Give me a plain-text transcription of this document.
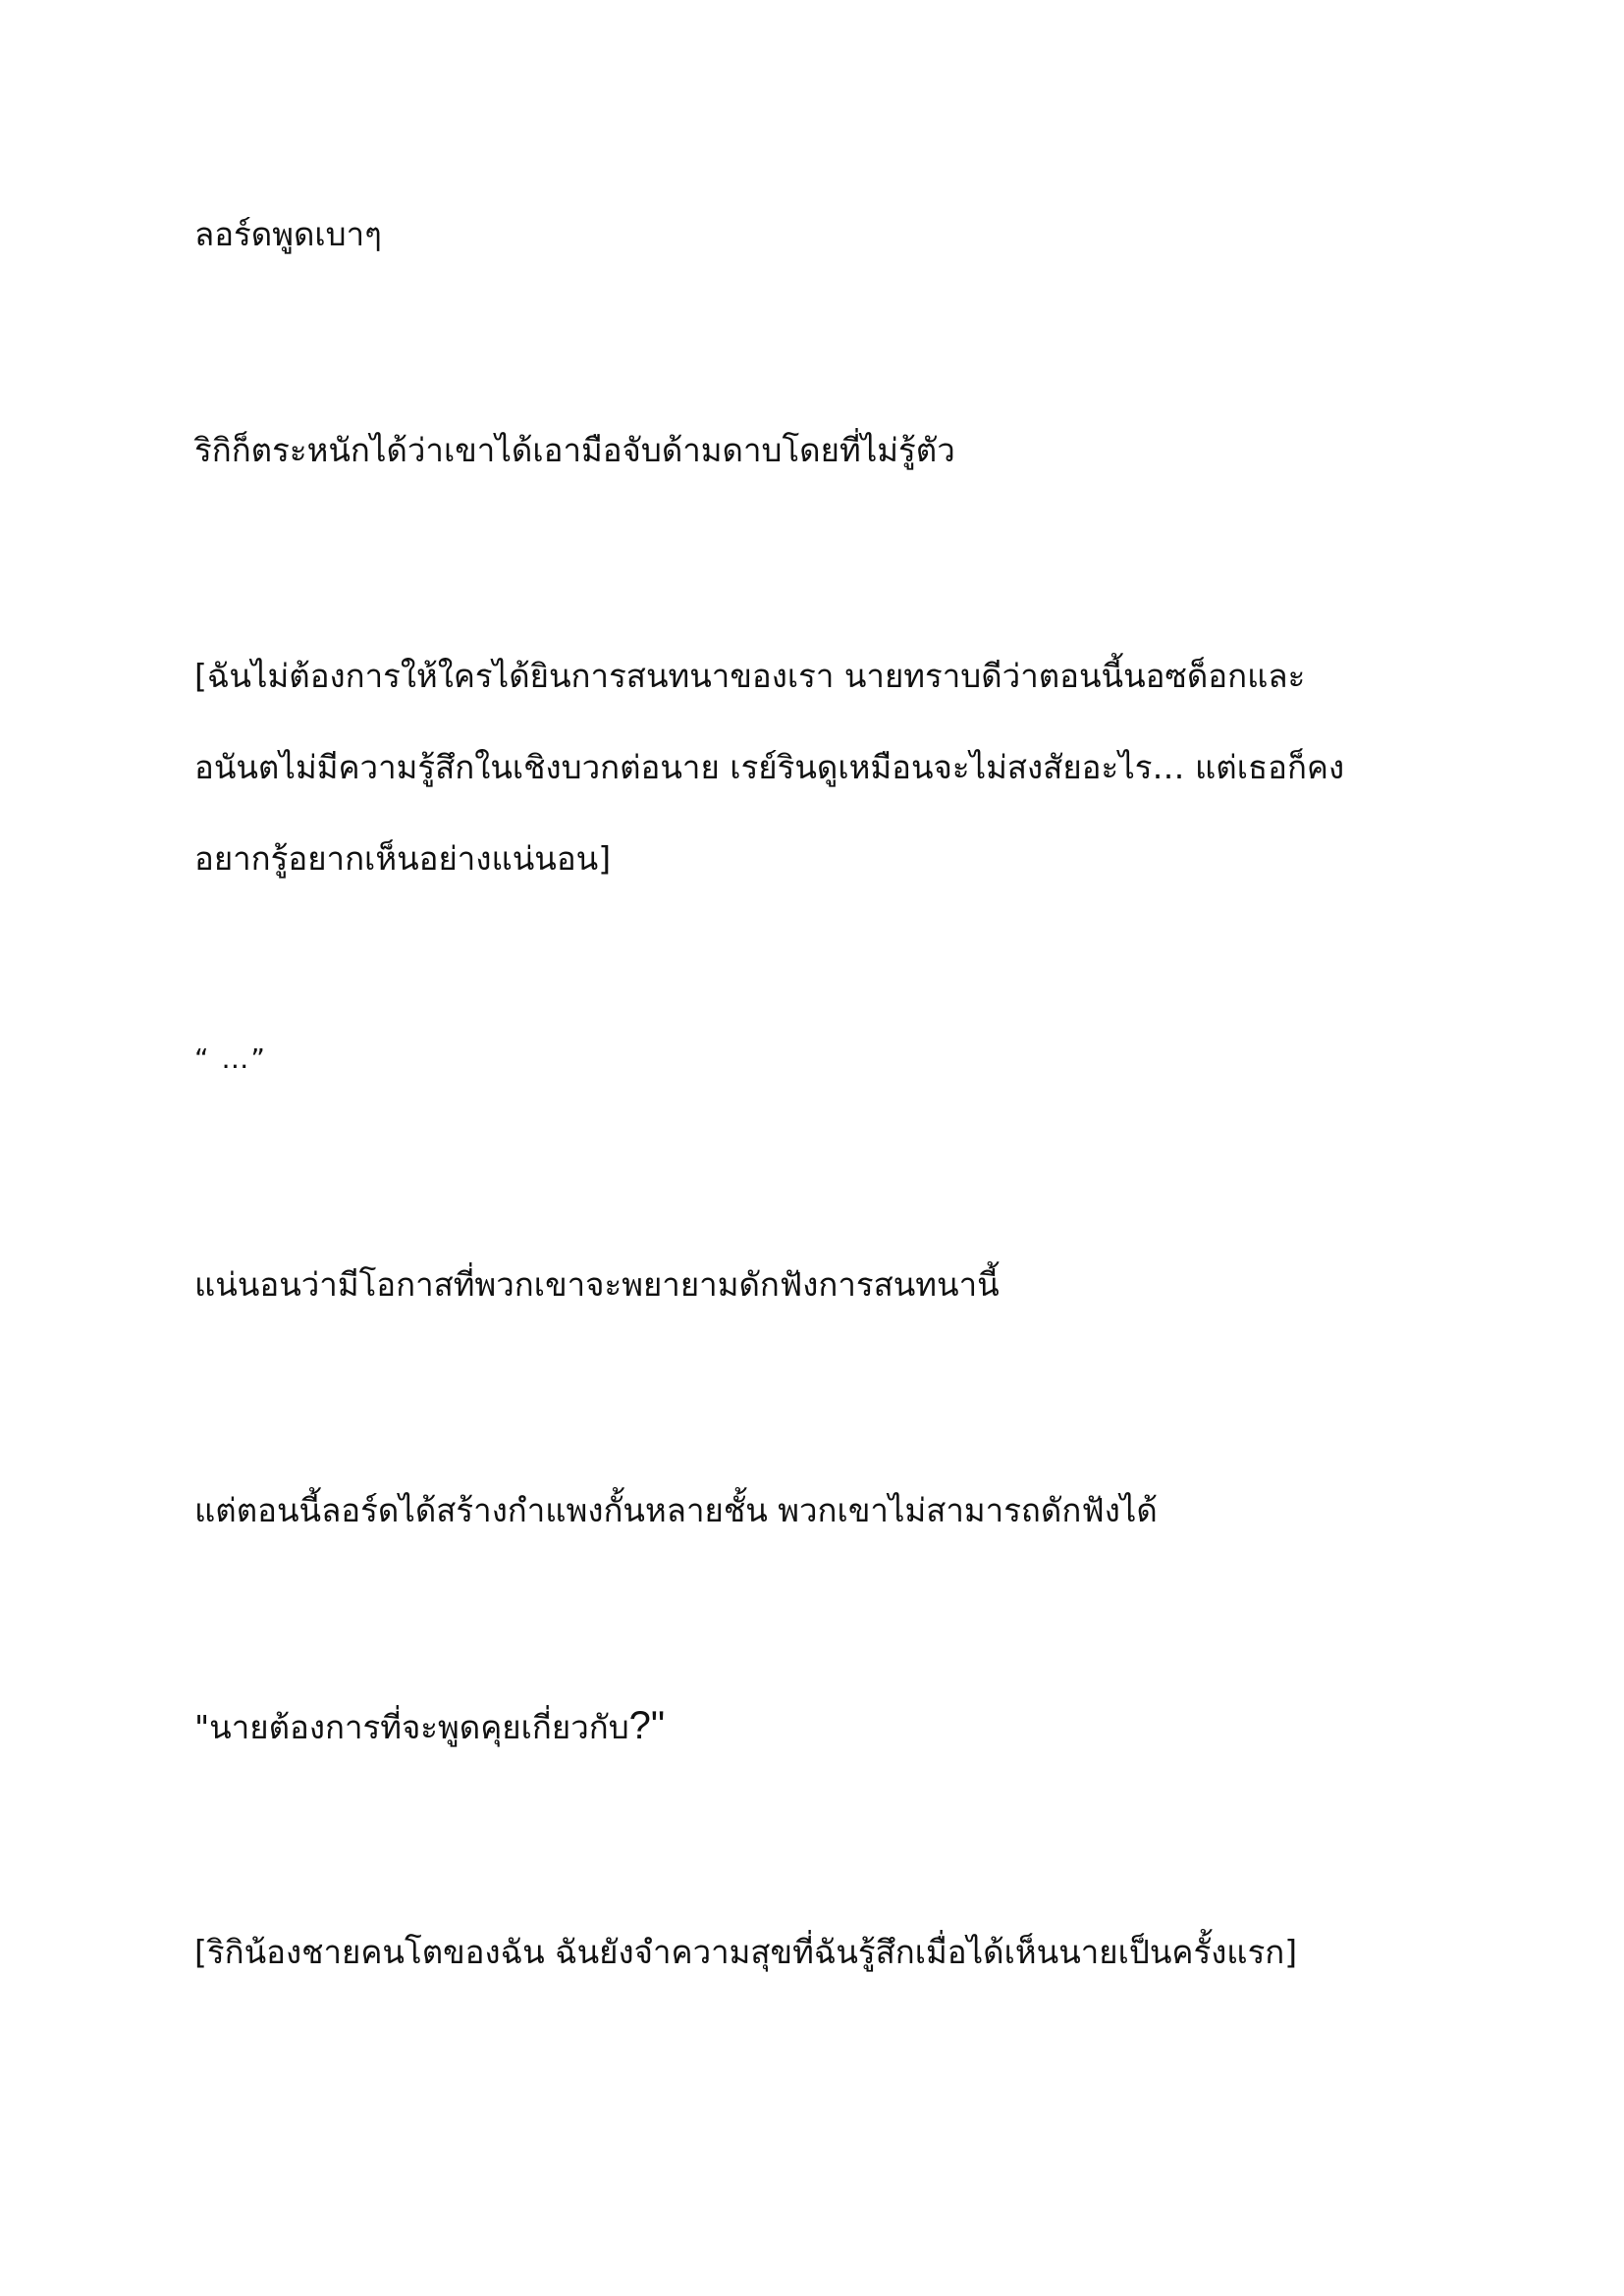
ลอร์ดพูดเบาๆ

ริกิก็ตระหนักได้ว่าเขาได้เอามือจับด้ามดาบโดยที่ไม่รู้ตัว

[ฉันไม่ต้องการให้ใครได้ยินการสนทนาของเรา นายทราบดีว่าตอนนี้นอซด็อกและ
อนันตไม่มีความรู้สึกในเชิงบวกต่อนาย เรย์รินดูเหมือนจะไม่สงสัยอะไร… แต่เธอก็คง
อยากรู้อยากเห็นอย่างแน่นอน]

“ …”

แน่นอนว่ามีโอกาสที่พวกเขาจะพยายามดักฟังการสนทนานี้

แต่ตอนนี้ลอร์ดได้สร้างกำแพงกั้นหลายชั้น พวกเขาไม่สามารถดักฟังได้

"นายต้องการที่จะพูดคุยเกี่ยวกับ?"

[ริกิน้องชายคนโตของฉัน ฉันยังจำความสุขที่ฉันรู้สึกเมื่อได้เห็นนายเป็นครั้งแรก]
